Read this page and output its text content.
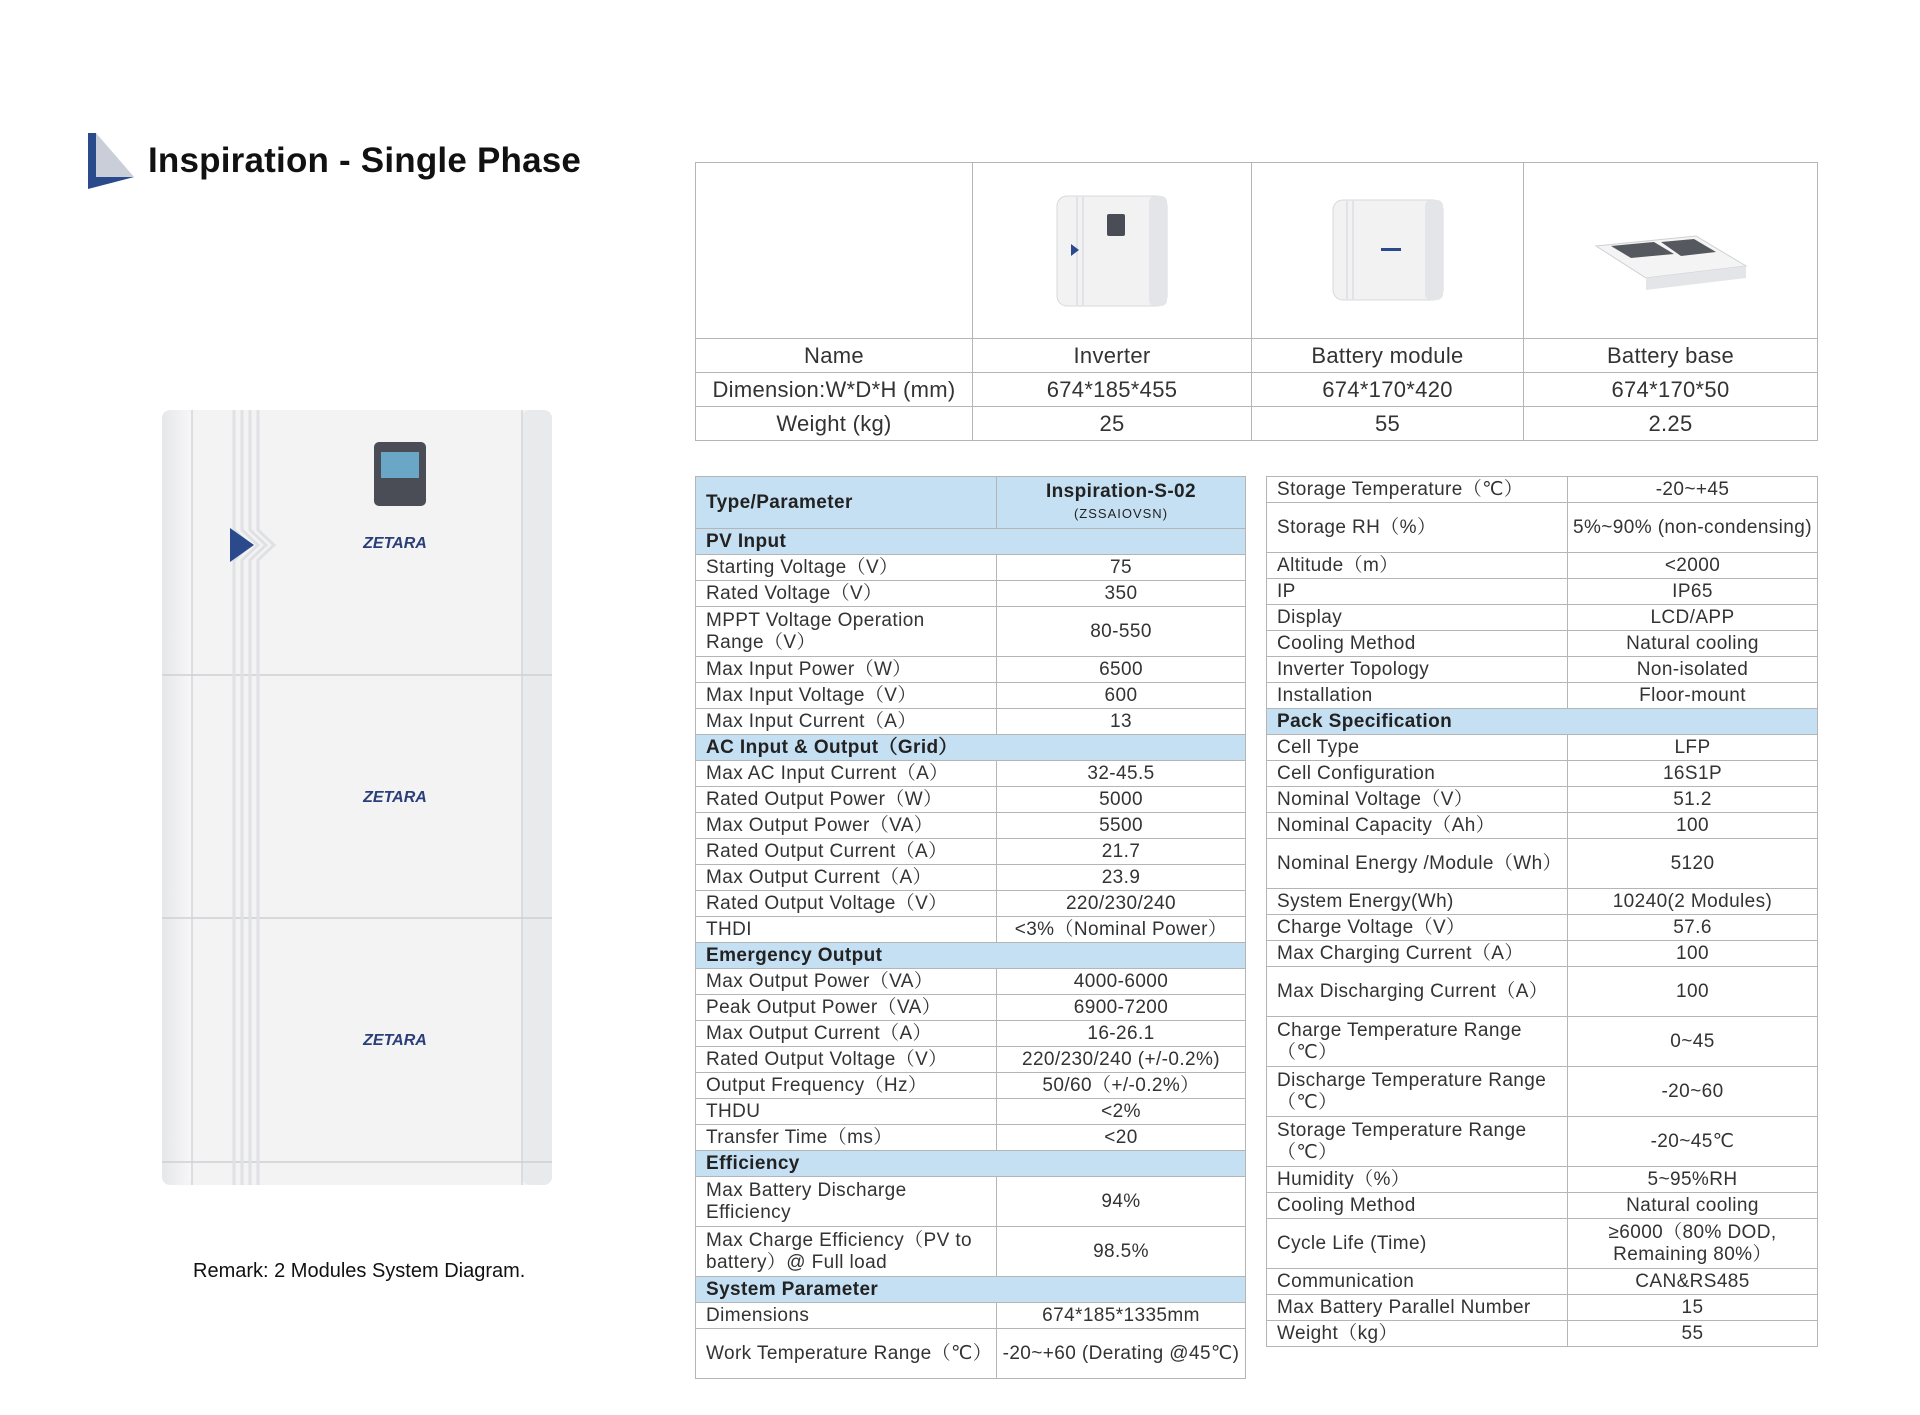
Inspiration - Single Phase
ZETARA
ZETARA
ZETARA
Remark: 2 Modules System Diagram.

Name	Inverter	Battery module	Battery base
Dimension:W*D*H (mm)	674*185*455	674*170*420	674*170*50
Weight (kg)	25	55	2.25
Type/Parameter	Inspiration-S-02
(ZSSAIOVSN)

PV Input	
Starting Voltage（V）	75
Rated Voltage（V）	350
MPPT Voltage Operation Range（V）	80-550
Max Input Power（W）	6500
Max Input Voltage（V）	600
Max Input Current（A）	13
AC Input & Output（Grid）	
Max AC Input Current（A）	32-45.5
Rated Output Power（W）	5000
Max Output Power（VA）	5500
Rated Output Current（A）	21.7
Max Output Current（A）	23.9
Rated Output Voltage（V）	220/230/240
THDI	<3%（Nominal Power）
Emergency Output	
Max Output Power（VA）	4000-6000
Peak Output Power（VA）	6900-7200
Max Output Current（A）	16-26.1
Rated Output Voltage（V）	220/230/240 (+/-0.2%)
Output Frequency（Hz）	50/60（+/-0.2%）
THDU	<2%
Transfer Time（ms）	<20
Efficiency	
Max Battery Discharge Efficiency	94%
Max Charge Efficiency（PV to battery）@ Full load	98.5%
System Parameter	
Dimensions	674*185*1335mm
Work Temperature Range（℃）	-20~+60 (Derating @45℃)
Storage Temperature（℃）	-20~+45
Storage RH（%）	5%~90% (non-condensing)
Altitude（m）	<2000
IP	IP65
Display	LCD/APP
Cooling Method	Natural cooling
Inverter Topology	Non-isolated
Installation	Floor-mount
Pack Specification	
Cell Type	LFP
Cell Configuration	16S1P
Nominal Voltage（V）	51.2
Nominal Capacity（Ah）	100
Nominal Energy /Module（Wh）	5120
System Energy(Wh)	10240(2 Modules)
Charge Voltage（V）	57.6
Max Charging Current（A）	100
Max Discharging Current（A）	100
Charge Temperature Range（℃）	0~45
Discharge Temperature Range（℃）	-20~60
Storage Temperature Range（℃）	-20~45℃
Humidity（%）	5~95%RH
Cooling Method	Natural cooling
Cycle Life (Time)	≥6000（80% DOD, Remaining 80%）
Communication	CAN&RS485
Max Battery Parallel Number	15
Weight（kg）	55
